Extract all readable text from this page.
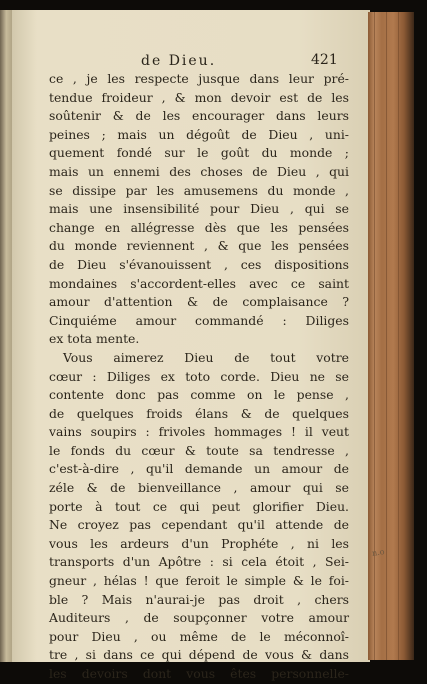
de Dieu.	421
ce , je les respecte jusque dans leur pré-
tendue froideur , & mon devoir est de les
soûtenir & de les encourager dans leurs
peines ; mais un dégoût de Dieu , uni-
quement fondé sur le goût du monde ;
mais un ennemi des choses de Dieu , qui
se dissipe par les amusemens du monde ,
mais une insensibilité pour Dieu , qui se
change en allégresse dès que les pensées
du monde reviennent , & que les pensées
de Dieu s'évanouissent , ces dispositions
mondaines s'accordent-elles avec ce saint
amour d'attention & de complaisance ?
Cinquiéme amour commandé : Diliges
ex tota mente.
Vous aimerez Dieu de tout votre
cœur : Diliges ex toto corde. Dieu ne se
contente donc pas comme on le pense ,
de quelques froids élans & de quelques
vains soupirs : frivoles hommages ! il veut
le fonds du cœur & toute sa tendresse ,
c'est-à-dire , qu'il demande un amour de
zéle & de bienveillance , amour qui se
porte à tout ce qui peut glorifier Dieu.
Ne croyez pas cependant qu'il attende de
vous les ardeurs d'un Prophéte , ni les
transports d'un Apôtre : si cela étoit , Sei-
gneur , hélas ! que feroit le simple & le foi-
ble ? Mais n'aurai-je pas droit , chers
Auditeurs , de soupçonner votre amour
pour Dieu , ou même de le méconnoî-
tre , si dans ce qui dépend de vous & dans
les devoirs dont vous êtes personnelle-
n.o
